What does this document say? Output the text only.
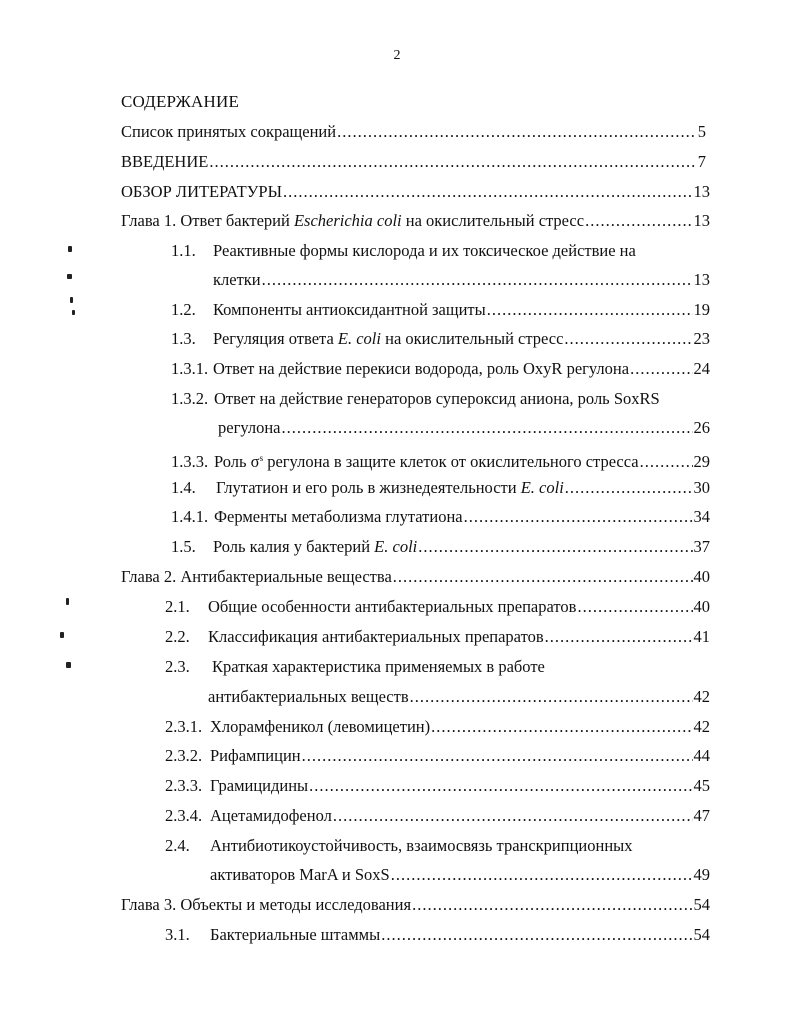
2
СОДЕРЖАНИЕ
Список принятых сокращений .....	5
ВВЕДЕНИЕ .....	7
ОБЗОР ЛИТЕРАТУРЫ .....	13
Глава 1. Ответ бактерий Escherichia coli на окислительный стресс .....	13
1.1. Реактивные формы кислорода и их токсическое действие на
клетки .....	13
1.2.	Компоненты антиоксидантной защиты .....	19
1.3.	Регуляция ответа E. coli на окислительный стресс .....	23
1.3.1. Ответ на действие перекиси водорода, роль OxyR регулона .....	24
1.3.2. Ответ на действие генераторов супероксид аниона, роль SoxRS
регулона .....	26
1.3.3. Роль $\sigma^s$ регулона в защите клеток от окислительного стресса .....	29
1.4.	Глутатион и его роль в жизнедеятельности E. coli .....	30
1.4.1. Ферменты метаболизма глутатиона .....	34
1.5.	Роль калия у бактерий E. coli .....	37
Глава 2. Антибактериальные вещества .....	40
2.1.	Общие особенности антибактериальных препаратов .....	40
2.2.	Классификация антибактериальных препаратов .....	41
2.3. Краткая характеристика применяемых в работе
антибактериальных веществ .....	42
2.3.1. Хлорамфеникол (левомицетин) .....	42
2.3.2. Рифампицин .....	44
2.3.3. Грамицидины .....	45
2.3.4. Ацетамидофенол .....	47
2.4. Антибиотикоустойчивость, взаимосвязь транскрипционных
активаторов MarA и SoxS .....	49
Глава 3. Объекты и методы исследования .....	54
3.1.	Бактериальные штаммы .....	54
